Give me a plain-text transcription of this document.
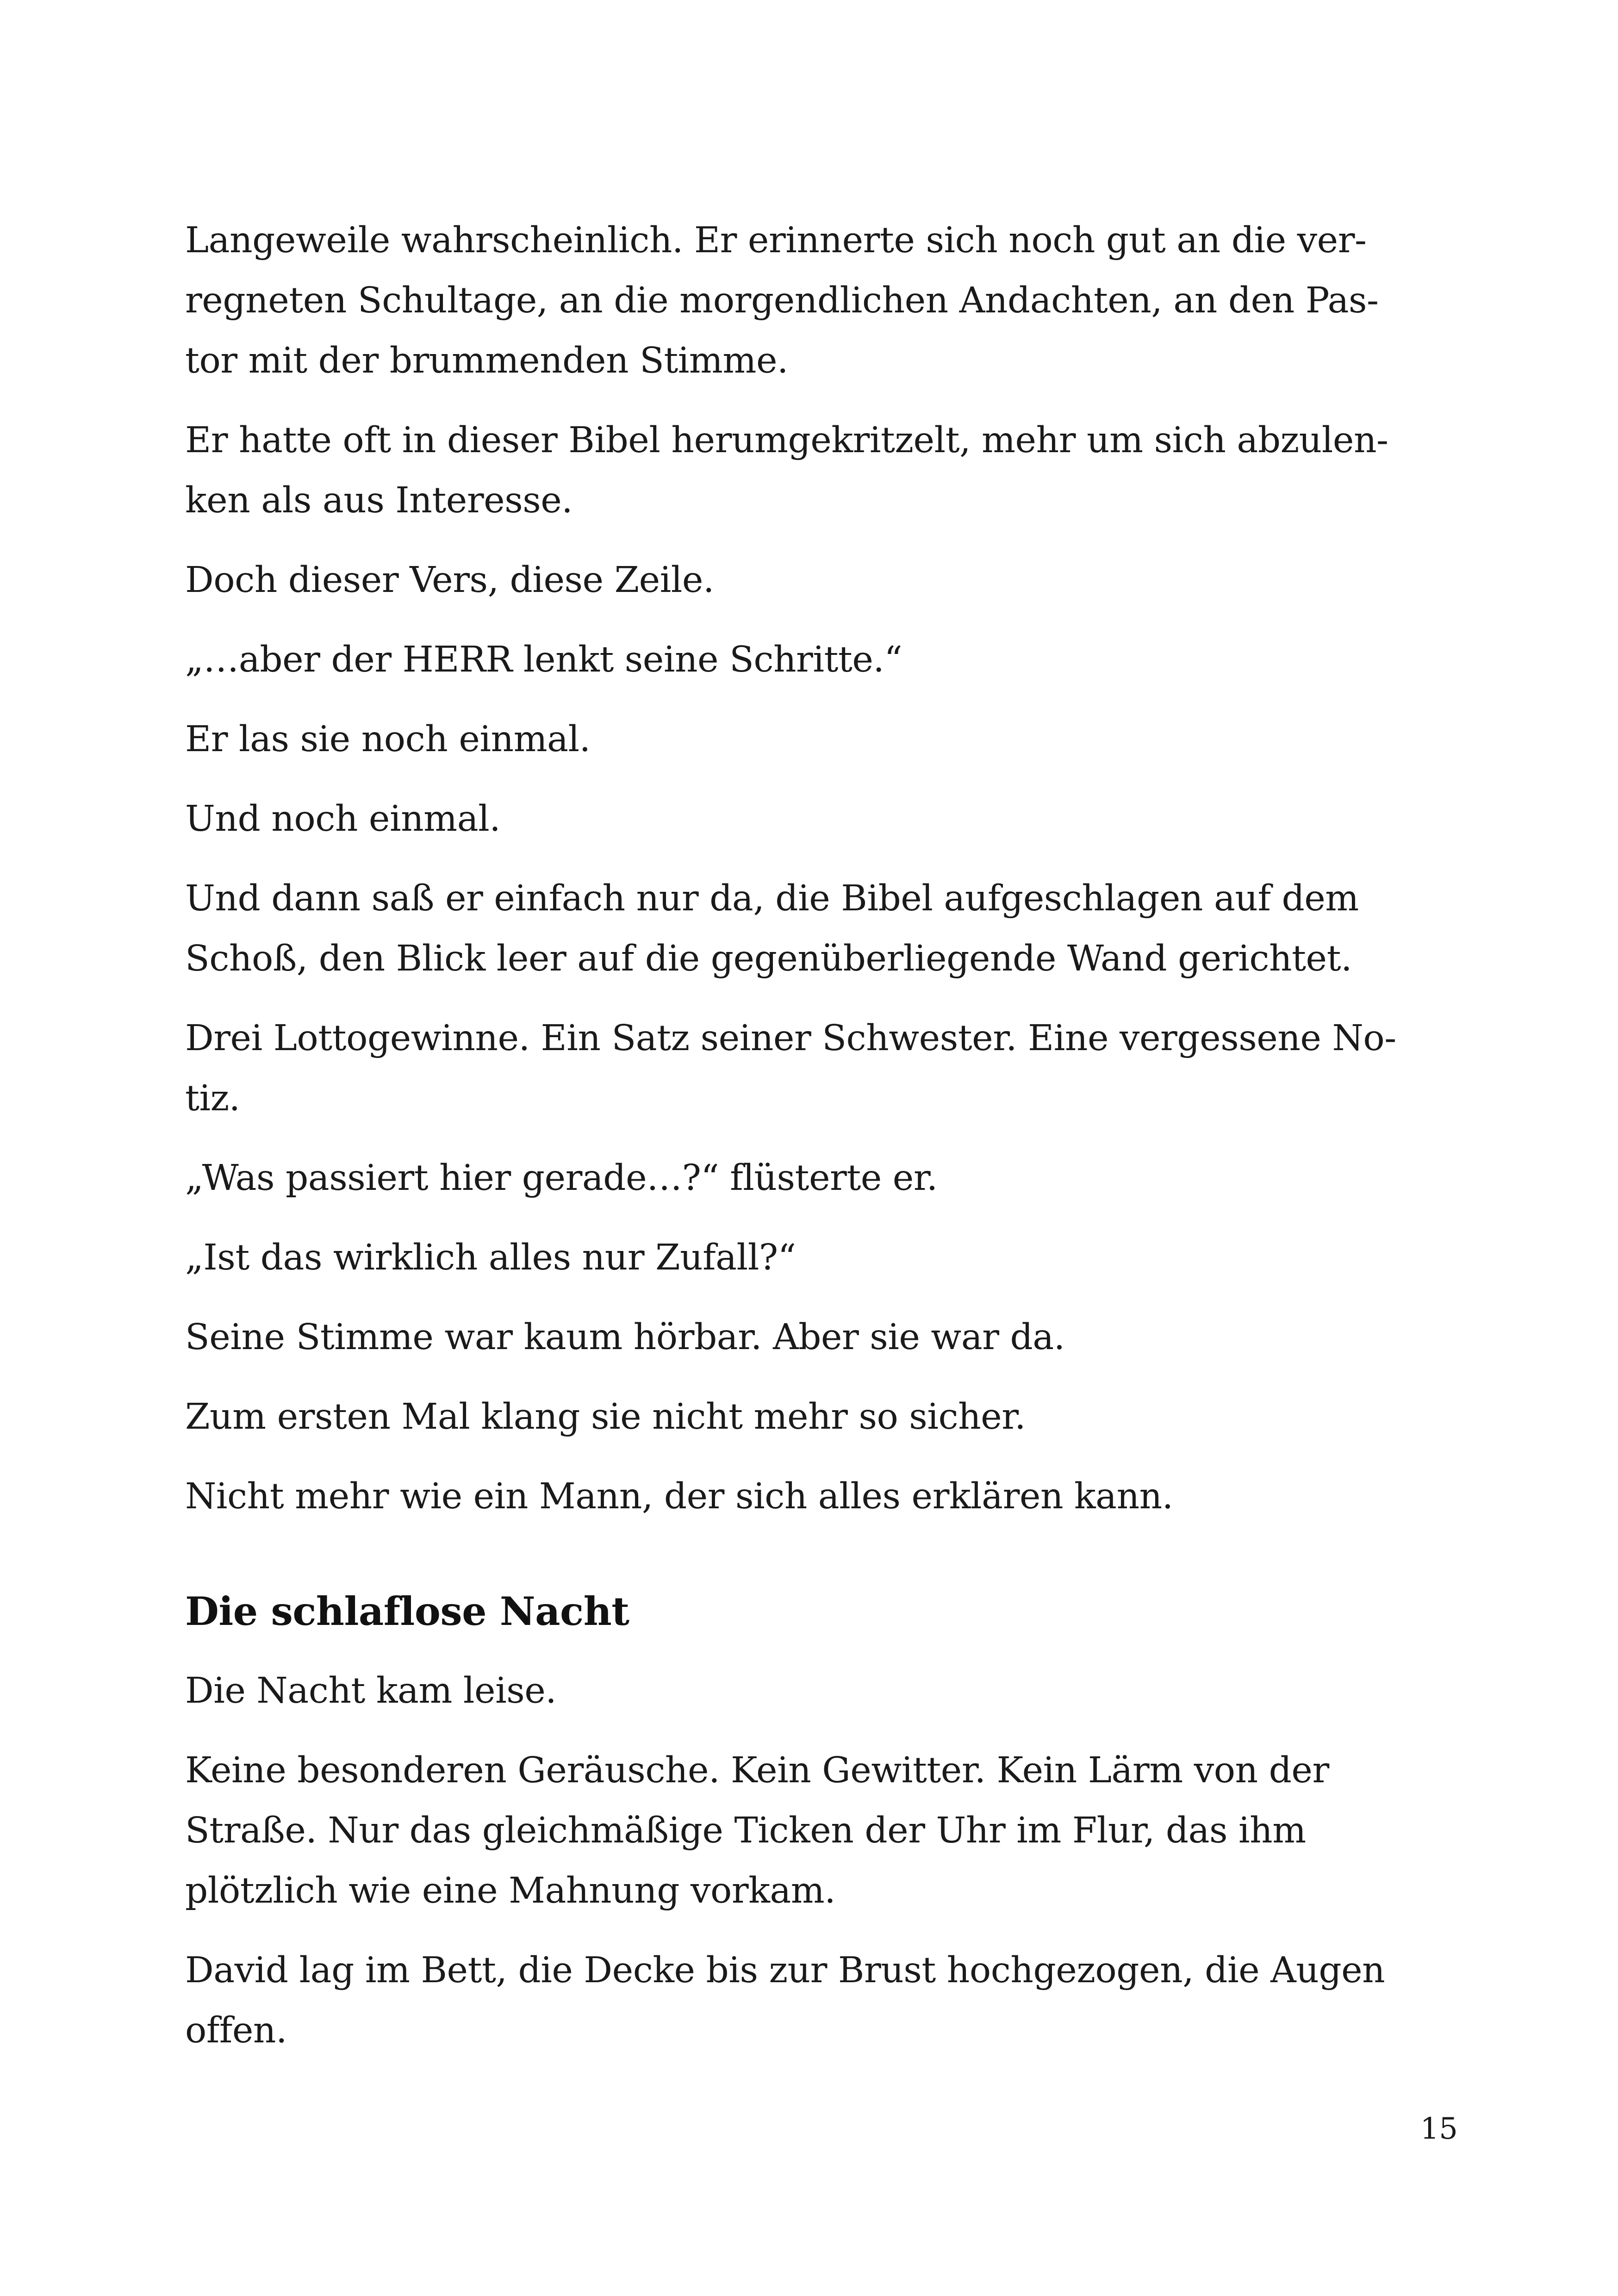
Langeweile wahrscheinlich. Er erinnerte sich noch gut an die ver-
regneten Schultage, an die morgendlichen Andachten, an den Pas-
tor mit der brummenden Stimme.

Er hatte oft in dieser Bibel herumgekritzelt, mehr um sich abzulen-
ken als aus Interesse.

Doch dieser Vers, diese Zeile.

„…aber der HERR lenkt seine Schritte.“

Er las sie noch einmal.

Und noch einmal.

Und dann saß er einfach nur da, die Bibel aufgeschlagen auf dem
Schoß, den Blick leer auf die gegenüberliegende Wand gerichtet.

Drei Lottogewinne. Ein Satz seiner Schwester. Eine vergessene No-
tiz.

„Was passiert hier gerade…?“ flüsterte er.

„Ist das wirklich alles nur Zufall?“

Seine Stimme war kaum hörbar. Aber sie war da.

Zum ersten Mal klang sie nicht mehr so sicher.

Nicht mehr wie ein Mann, der sich alles erklären kann.

Die schlaflose Nacht

Die Nacht kam leise.

Keine besonderen Geräusche. Kein Gewitter. Kein Lärm von der
Straße. Nur das gleichmäßige Ticken der Uhr im Flur, das ihm
plötzlich wie eine Mahnung vorkam.

David lag im Bett, die Decke bis zur Brust hochgezogen, die Augen
offen.

15
